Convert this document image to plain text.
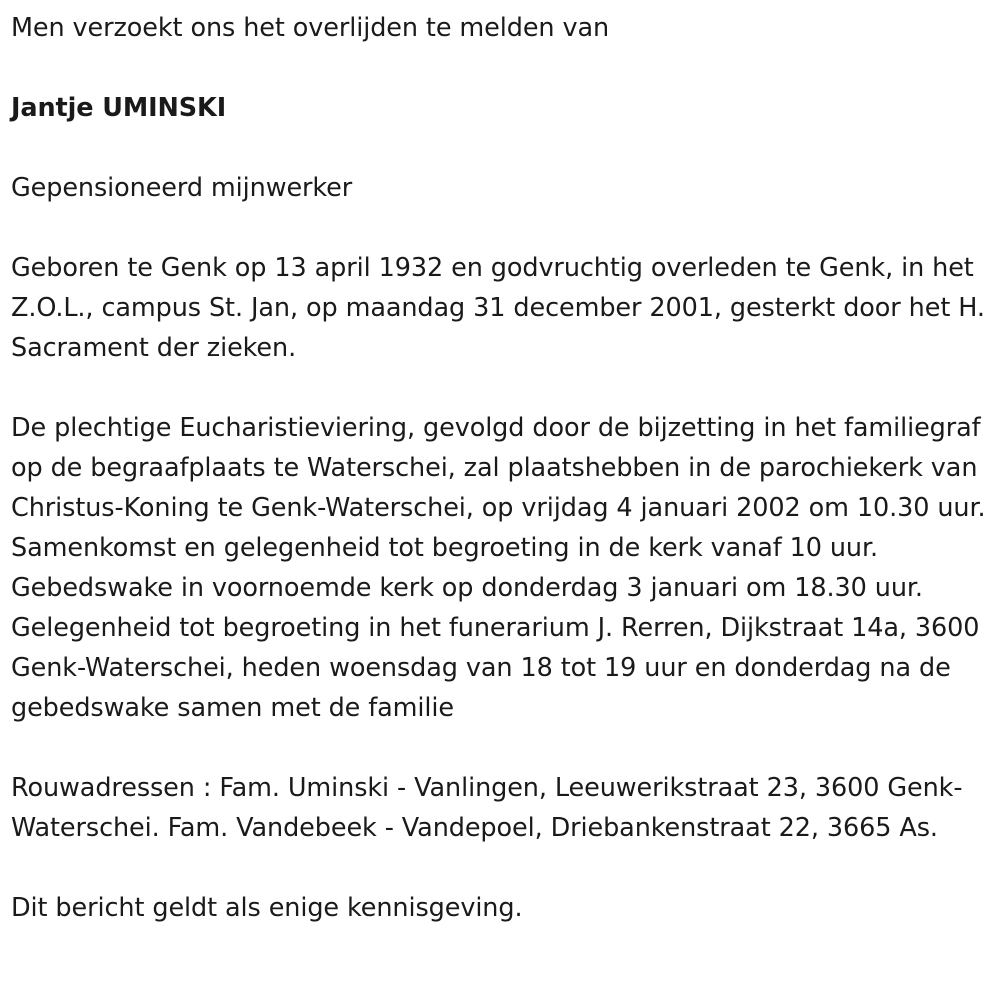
Men verzoekt ons het overlijden te melden van

Jantje UMINSKI

Gepensioneerd mijnwerker

Geboren te Genk op 13 april 1932 en godvruchtig overleden te Genk, in het Z.O.L., campus St. Jan, op maandag 31 december 2001, gesterkt door het H. Sacrament der zieken.

De plechtige Eucharistieviering, gevolgd door de bijzetting in het familiegraf op de begraafplaats te Waterschei, zal plaatshebben in de parochiekerk van Christus-Koning te Genk-Waterschei, op vrijdag 4 januari 2002 om 10.30 uur. Samenkomst en gelegenheid tot begroeting in de kerk vanaf 10 uur. Gebedswake in voornoemde kerk op donderdag 3 januari om 18.30 uur. Gelegenheid tot begroeting in het funerarium J. Rerren, Dijkstraat 14a, 3600 Genk-Waterschei, heden woensdag van 18 tot 19 uur en donderdag na de gebedswake samen met de familie

Rouwadressen : Fam. Uminski - Vanlingen, Leeuwerikstraat 23, 3600 Genk-Waterschei. Fam. Vandebeek - Vandepoel, Driebankenstraat 22, 3665 As.

Dit bericht geldt als enige kennisgeving.
